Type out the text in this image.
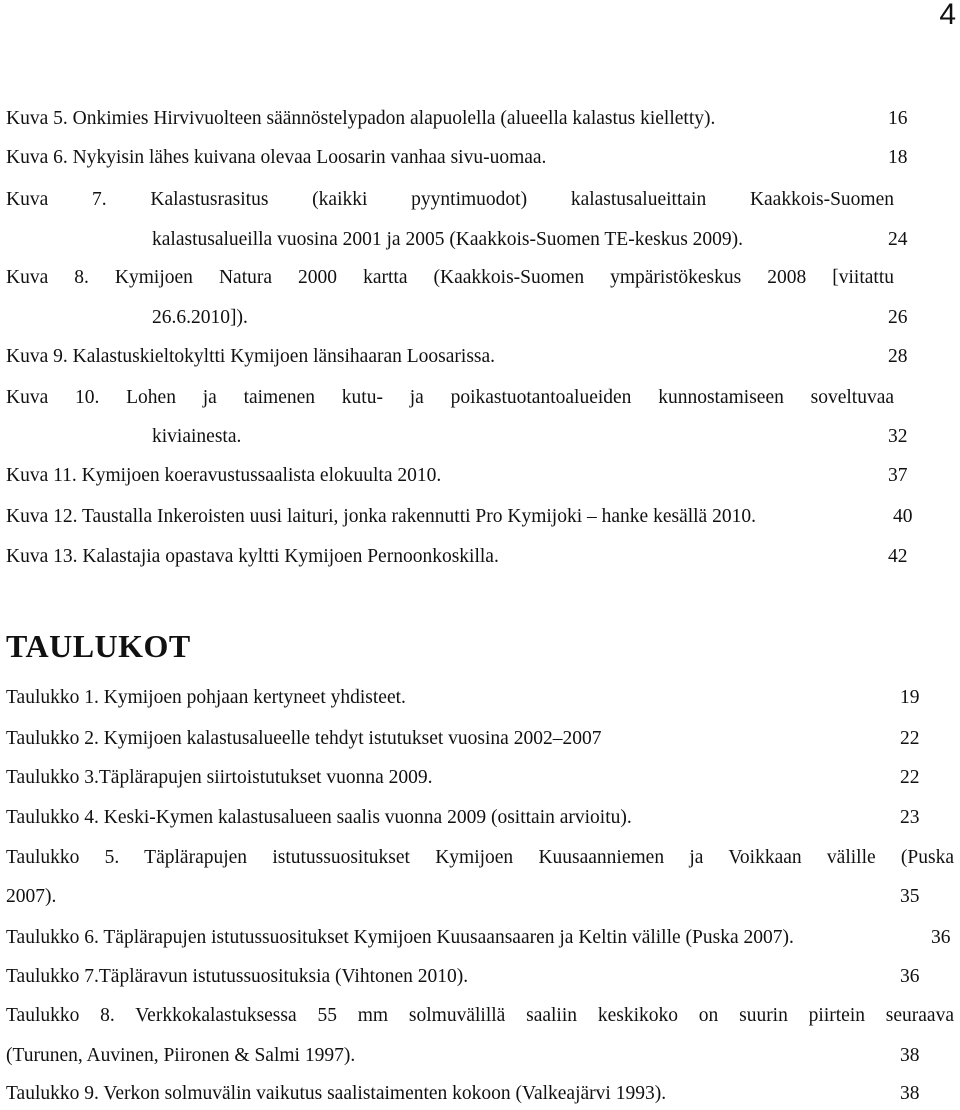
4
Kuva 5. Onkimies Hirvivuolteen säännöstelypadon alapuolella (alueella kalastus kielletty).	16
Kuva 6. Nykyisin lähes kuivana olevaa Loosarin vanhaa sivu-uomaa.	18
Kuva 7. Kalastusrasitus (kaikki pyyntimuodot) kalastusalueittain Kaakkois-Suomen
kalastusalueilla vuosina 2001 ja 2005 (Kaakkois-Suomen TE-keskus 2009).	24
Kuva 8. Kymijoen Natura 2000 kartta (Kaakkois-Suomen ympäristökeskus 2008 [viitattu
26.6.2010]).	26
Kuva 9. Kalastuskieltokyltti Kymijoen länsihaaran Loosarissa.	28
Kuva 10. Lohen ja taimenen kutu- ja poikastuotantoalueiden kunnostamiseen soveltuvaa
kiviainesta.	32
Kuva 11. Kymijoen koeravustussaalista elokuulta 2010.	37
Kuva 12. Taustalla Inkeroisten uusi laituri, jonka rakennutti Pro Kymijoki – hanke kesällä 2010.	40
Kuva 13. Kalastajia opastava kyltti Kymijoen Pernoonkoskilla.	42
TAULUKOT
Taulukko 1. Kymijoen pohjaan kertyneet yhdisteet.	19
Taulukko 2. Kymijoen kalastusalueelle tehdyt istutukset vuosina 2002–2007	22
Taulukko 3.Täplärapujen siirtoistutukset vuonna 2009.	22
Taulukko 4. Keski-Kymen kalastusalueen saalis vuonna 2009 (osittain arvioitu).	23
Taulukko 5. Täplärapujen istutussuositukset Kymijoen Kuusaanniemen ja Voikkaan välille (Puska
2007).	35
Taulukko 6. Täplärapujen istutussuositukset Kymijoen Kuusaansaaren ja Keltin välille (Puska 2007).	36
Taulukko 7.Täpläravun istutussuosituksia (Vihtonen 2010).	36
Taulukko 8. Verkkokalastuksessa 55 mm solmuvälillä saaliin keskikoko on suurin piirtein seuraava
(Turunen, Auvinen, Piironen & Salmi 1997).	38
Taulukko 9. Verkon solmuvälin vaikutus saalistaimenten kokoon (Valkeajärvi 1993).	38
